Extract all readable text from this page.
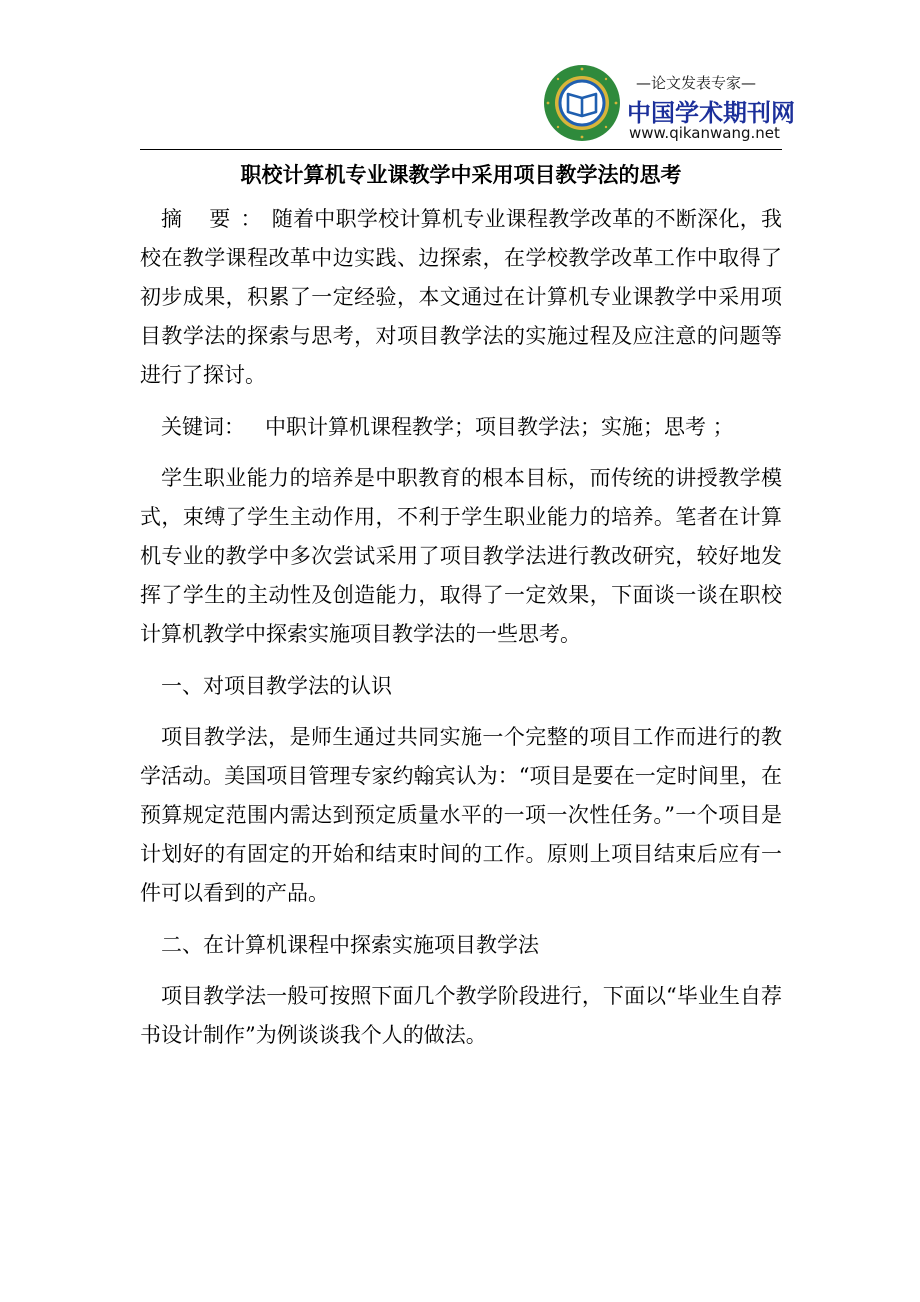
—论文发表专家—
中国学术期刊网
www.qikanwang.net
职校计算机专业课教学中采用项目教学法的思考

摘 要：随着中职学校计算机专业课程教学改革的不断深化，我校在教学课程改革中边实践、边探索，在学校教学改革工作中取得了初步成果，积累了一定经验，本文通过在计算机专业课教学中采用项目教学法的探索与思考，对项目教学法的实施过程及应注意的问题等进行了探讨。

关键词： 中职计算机课程教学；项目教学法；实施；思考 ；

学生职业能力的培养是中职教育的根本目标，而传统的讲授教学模式，束缚了学生主动作用，不利于学生职业能力的培养。笔者在计算机专业的教学中多次尝试采用了项目教学法进行教改研究，较好地发挥了学生的主动性及创造能力，取得了一定效果，下面谈一谈在职校计算机教学中探索实施项目教学法的一些思考。

一、对项目教学法的认识

项目教学法，是师生通过共同实施一个完整的项目工作而进行的教学活动。美国项目管理专家约翰宾认为：“项目是要在一定时间里，在预算规定范围内需达到预定质量水平的一项一次性任务。”一个项目是计划好的有固定的开始和结束时间的工作。原则上项目结束后应有一件可以看到的产品。

二、在计算机课程中探索实施项目教学法

项目教学法一般可按照下面几个教学阶段进行，下面以“毕业生自荐书设计制作”为例谈谈我个人的做法。
